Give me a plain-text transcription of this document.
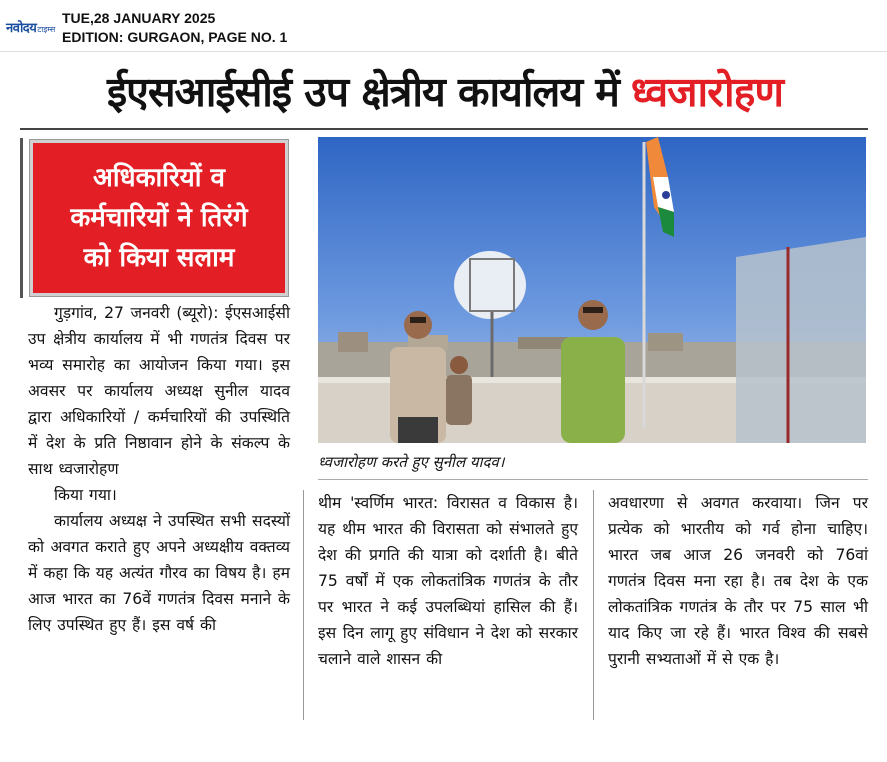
नवोदय टाइम्स
TUE,28 JANUARY 2025
EDITION: GURGAON, PAGE NO. 1
ईएसआईसीई उप क्षेत्रीय कार्यालय में ध्वजारोहण
अधिकारियों व
कर्मचारियों ने तिरंगे
को किया सलाम

गुड़गांव, 27 जनवरी (ब्यूरो): ईएसआईसी उप क्षेत्रीय कार्यालय में भी गणतंत्र दिवस पर भव्य समारोह का आयोजन किया गया। इस अवसर पर कार्यालय अध्यक्ष सुनील यादव द्वारा अधिकारियों / कर्मचारियों की उपस्थिति में देश के प्रति निष्ठावान होने के संकल्प के साथ ध्वजारोहण

किया गया।

कार्यालय अध्यक्ष ने उपस्थित सभी सदस्यों को अवगत कराते हुए अपने अध्यक्षीय वक्तव्य में कहा कि यह अत्यंत गौरव का विषय है। हम आज भारत का 76वें गणतंत्र दिवस मनाने के लिए उपस्थित हुए हैं। इस वर्ष की

ध्वजारोहण करते हुए सुनील यादव।

थीम 'स्वर्णिम भारत: विरासत व विकास है। यह थीम भारत की विरासता को संभालते हुए देश की प्रगति की यात्रा को दर्शाती है। बीते 75 वर्षों में एक लोकतांत्रिक गणतंत्र के तौर पर भारत ने कई उपलब्धियां हासिल की हैं। इस दिन लागू हुए संविधान ने देश को सरकार चलाने वाले शासन की

अवधारणा से अवगत करवाया। जिन पर प्रत्येक को भारतीय को गर्व होना चाहिए। भारत जब आज 26 जनवरी को 76वां गणतंत्र दिवस मना रहा है। तब देश के एक लोकतांत्रिक गणतंत्र के तौर पर 75 साल भी याद किए जा रहे हैं। भारत विश्व की सबसे पुरानी सभ्यताओं में से एक है।
